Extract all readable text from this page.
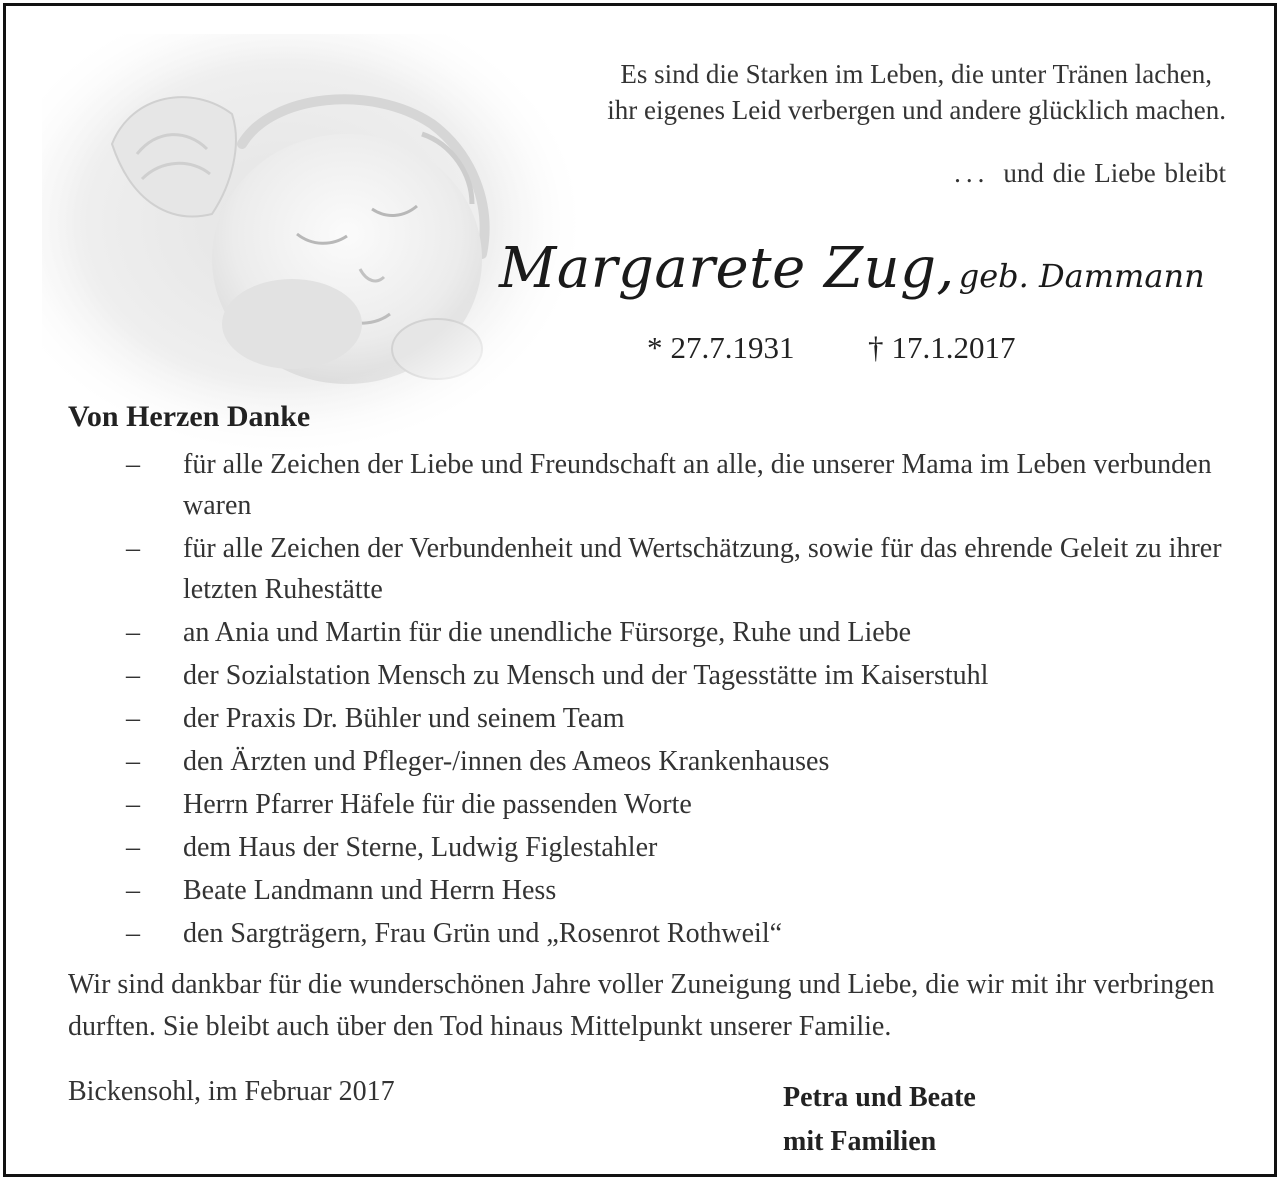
Es sind die Starken im Leben, die unter Tränen lachen,
ihr eigenes Leid verbergen und andere glücklich machen.
... und die Liebe bleibt
Margarete Zug, geb. Dammann
* 27.7.1931 † 17.1.2017
Von Herzen Danke
– für alle Zeichen der Liebe und Freundschaft an alle, die unserer Mama im Leben verbunden waren
– für alle Zeichen der Verbundenheit und Wertschätzung, sowie für das ehrende Geleit zu ihrer letzten Ruhestätte
– an Ania und Martin für die unendliche Fürsorge, Ruhe und Liebe
– der Sozialstation Mensch zu Mensch und der Tagesstätte im Kaiserstuhl
– der Praxis Dr. Bühler und seinem Team
– den Ärzten und Pfleger-/innen des Ameos Krankenhauses
– Herrn Pfarrer Häfele für die passenden Worte
– dem Haus der Sterne, Ludwig Figlestahler
– Beate Landmann und Herrn Hess
– den Sargträgern, Frau Grün und „Rosenrot Rothweil“
Wir sind dankbar für die wunderschönen Jahre voller Zuneigung und Liebe, die wir mit ihr verbringen durften. Sie bleibt auch über den Tod hinaus Mittelpunkt unserer Familie.
Bickensohl, im Februar 2017	Petra und Beate
mit Familien
